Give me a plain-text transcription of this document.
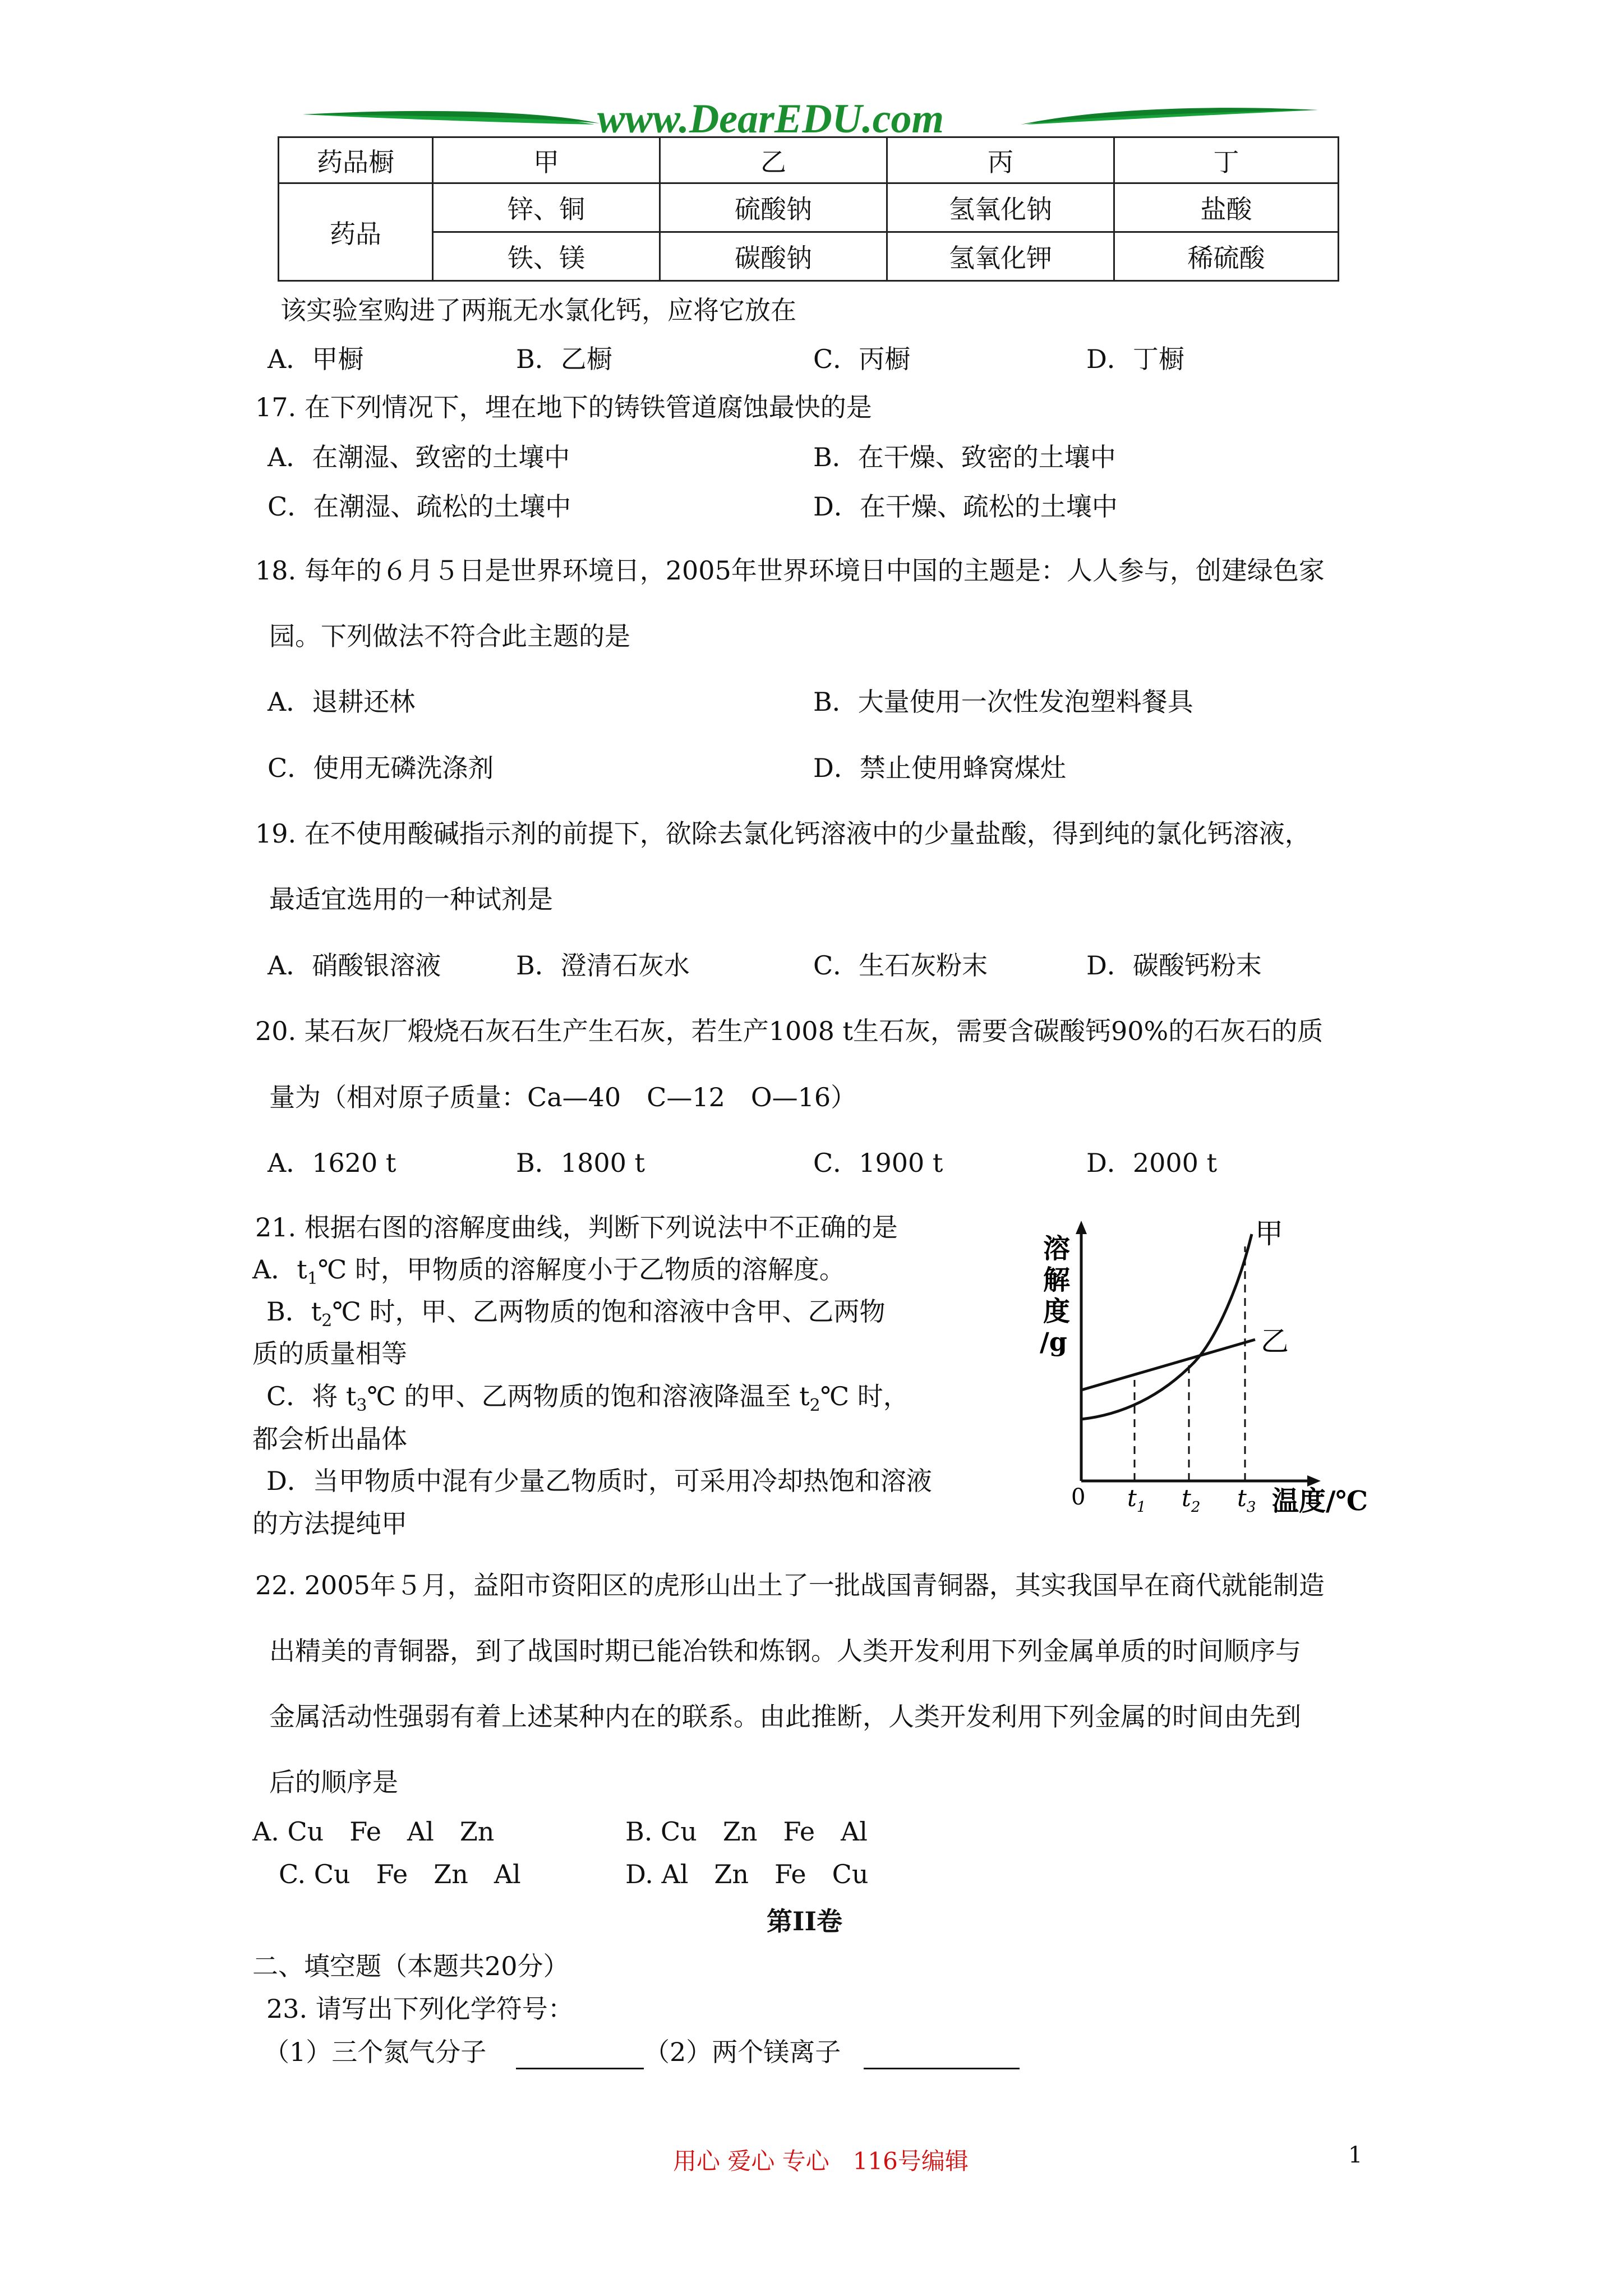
www.DearEDU.com
药品橱	甲	乙	丙	丁
药品	锌、铜	硫酸钠	氢氧化钠	盐酸
	铁、镁	碳酸钠	氢氧化钾	稀硫酸
该实验室购进了两瓶无水氯化钙，应将它放在
A．甲橱	B．乙橱	C．丙橱	D．丁橱
17. 在下列情况下，埋在地下的铸铁管道腐蚀最快的是
A．在潮湿、致密的土壤中	B．在干燥、致密的土壤中
C．在潮湿、疏松的土壤中	D．在干燥、疏松的土壤中
18. 每年的６月５日是世界环境日，2005年世界环境日中国的主题是：人人参与，创建绿色家
园。下列做法不符合此主题的是
A．退耕还林	B．大量使用一次性发泡塑料餐具
C．使用无磷洗涤剂	D．禁止使用蜂窝煤灶
19. 在不使用酸碱指示剂的前提下，欲除去氯化钙溶液中的少量盐酸，得到纯的氯化钙溶液，
最适宜选用的一种试剂是
A．硝酸银溶液	B．澄清石灰水	C．生石灰粉末	D．碳酸钙粉末
20. 某石灰厂煅烧石灰石生产生石灰，若生产1008 t生石灰，需要含碳酸钙90%的石灰石的质
量为（相对原子质量：Ca—40　C—12　O—16）
A．1620 t	B．1800 t	C．1900 t	D．2000 t
21. 根据右图的溶解度曲线，判断下列说法中不正确的是
A．$t_1℃$ 时，甲物质的溶解度小于乙物质的溶解度。
B．$t_2℃$ 时，甲、乙两物质的饱和溶液中含甲、乙两物
质的质量相等
C．将 $t_3℃$ 的甲、乙两物质的饱和溶液降温至 $t_2℃$ 时，
都会析出晶体
D．当甲物质中混有少量乙物质时，可采用冷却热饱和溶液
的方法提纯甲
甲
乙
溶
解
度
/g
0 $t_1$ $t_2$ $t_3$ 温度/℃
22. 2005年５月，益阳市资阳区的虎形山出土了一批战国青铜器，其实我国早在商代就能制造
出精美的青铜器，到了战国时期已能冶铁和炼钢。人类开发利用下列金属单质的时间顺序与
金属活动性强弱有着上述某种内在的联系。由此推断，人类开发利用下列金属的时间由先到
后的顺序是
A. Cu　Fe　Al　Zn	B. Cu　Zn　Fe　Al
C. Cu　Fe　Zn　Al	D. Al　Zn　Fe　Cu
第II卷
二、填空题（本题共20分）
23. 请写出下列化学符号：
（1）三个氮气分子	（2）两个镁离子
用心 爱心 专心　116号编辑	1
